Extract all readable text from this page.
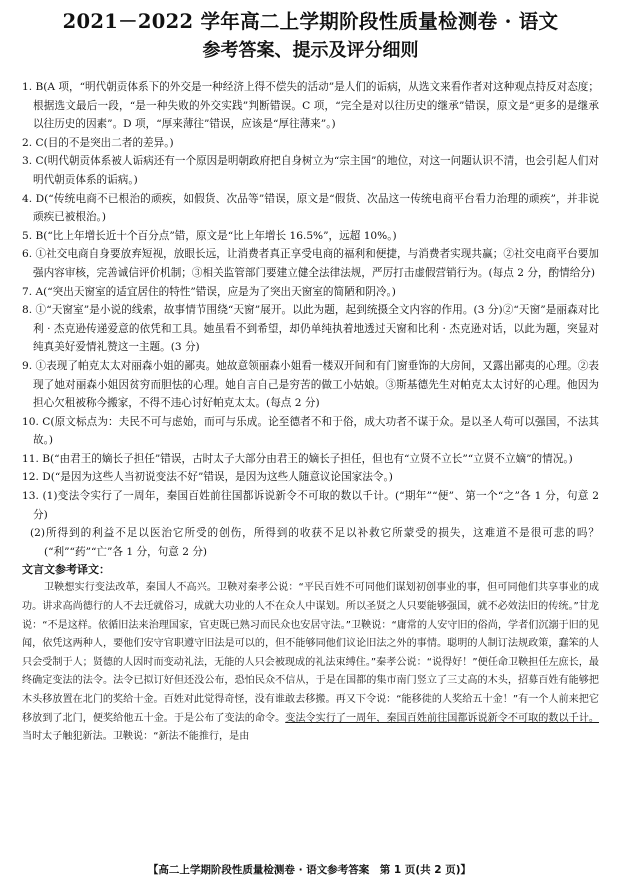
2021－2022 学年高二上学期阶段性质量检测卷 · 语文
参考答案、提示及评分细则

1. B(A 项，“明代朝贡体系下的外交是一种经济上得不偿失的活动”是人们的诟病，从选文来看作者对这种观点持反对态度；根据选文最后一段，“是一种失败的外交实践”判断错误。C 项，“完全是对以往历史的继承”错误，原文是“更多的是继承以往历史的因素”。D 项，“厚来薄往”错误，应该是“厚往薄来”。)

2. C(目的不是突出二者的差异。)

3. C(明代朝贡体系被人诟病还有一个原因是明朝政府把自身树立为“宗主国”的地位，对这一问题认识不清，也会引起人们对明代朝贡体系的诟病。)

4. D(“传统电商不已根治的顽疾，如假货、次品等”错误，原文是“假货、次品这一传统电商平台看力治理的顽疾”，并非说顽疾已被根治。)

5. B(“比上年增长近十个百分点”错，原文是“比上年增长 16.5%”，远超 10%。)

6. ①社交电商自身要放弃短视，放眼长远，让消费者真正享受电商的福利和便捷，与消费者实现共赢；②社交电商平台要加强内容审核，完善诚信评价机制；③相关监管部门要建立健全法律法规，严厉打击虚假营销行为。(每点 2 分，酌情给分)

7. A(“突出天窗室的适宜居住的特性”错误，应是为了突出天窗室的简陋和阴冷。)

8. ①“天窗室”是小说的线索，故事情节围绕“天窗”展开。以此为题，起到统摄全文内容的作用。(3 分)②“天窗”是丽森对比利 · 杰克逊传递爱意的依凭和工具。她虽看不到希望，却仍单纯执着地透过天窗和比利 · 杰克逊对话，以此为题，突显对纯真美好爱情礼赞这一主题。(3 分)

9. ①表现了帕克太太对丽森小姐的鄙夷。她故意领丽森小姐看一楼双开间和有门窗垂饰的大房间，又露出鄙夷的心理。②表现了她对丽森小姐因贫穷而胆怯的心理。她自言自己是穷苦的做工小姑娘。③斯基德先生对帕克太太讨好的心理。他因为担心欠租被称今搬家，不得不违心讨好帕克太太。(每点 2 分)

10. C(原文标点为：夫民不可与虑始，而可与乐成。论至德者不和于俗，成大功者不谋于众。是以圣人苟可以强国，不法其故。)

11. B(“由君王的嫡长子担任”错误，古时太子大部分由君王的嫡长子担任，但也有“立贤不立长”“立贤不立嫡”的情况。)

12. D(“是因为这些人当初说变法不好”错误，是因为这些人随意议论国家法令。)

13. (1)变法令实行了一周年，秦国百姓前往国都诉说新令不可取的数以千计。(“期年”“便”、第一个“之”各 1 分，句意 2 分)

(2)所得到的利益不足以医治它所受的创伤，所得到的收获不足以补救它所蒙受的损失，这难道不是很可悲的吗？(“利”“药”“亡”各 1 分，句意 2 分)

文言文参考译文：

卫鞅想实行变法改革，秦国人不高兴。卫鞅对秦孝公说：“平民百姓不可同他们谋划初创事业的事，但可同他们共享事业的成功。讲求高尚德行的人不去迁就俗习，成就大功业的人不在众人中谋划。所以圣贤之人只要能够强国，就不必效法旧的传统。”甘龙说：“不是这样。依循旧法来治理国家，官吏既已熟习而民众也安居守法。”卫鞅说：“庸常的人安守旧的俗尚，学者们沉溺于旧的见闻，依凭这两种人，要他们安守官职遵守旧法是可以的，但不能够同他们议论旧法之外的事情。聪明的人制订法规政策，蠢笨的人只会受制于人；贤德的人因时而变动礼法，无能的人只会被现成的礼法束缚住。”秦孝公说：“说得好！”便任命卫鞅担任左庶长，最终确定变法的法令。法令已拟订好但还没公布，恐怕民众不信从，于是在国都的集市南门竖立了三丈高的木头，招募百姓有能够把木头移放置在北门的奖给十金。百姓对此觉得奇怪，没有谁敢去移搬。再又下令说：“能移徙的人奖给五十金！”有一个人前来把它移放到了北门，便奖给他五十金。于是公布了变法的命令。变法令实行了一周年，秦国百姓前往国都诉说新令不可取的数以千计。当时太子触犯新法。卫鞅说：“新法不能推行，是由

【高二上学期阶段性质量检测卷 · 语文参考答案　第 1 页(共 2 页)】
